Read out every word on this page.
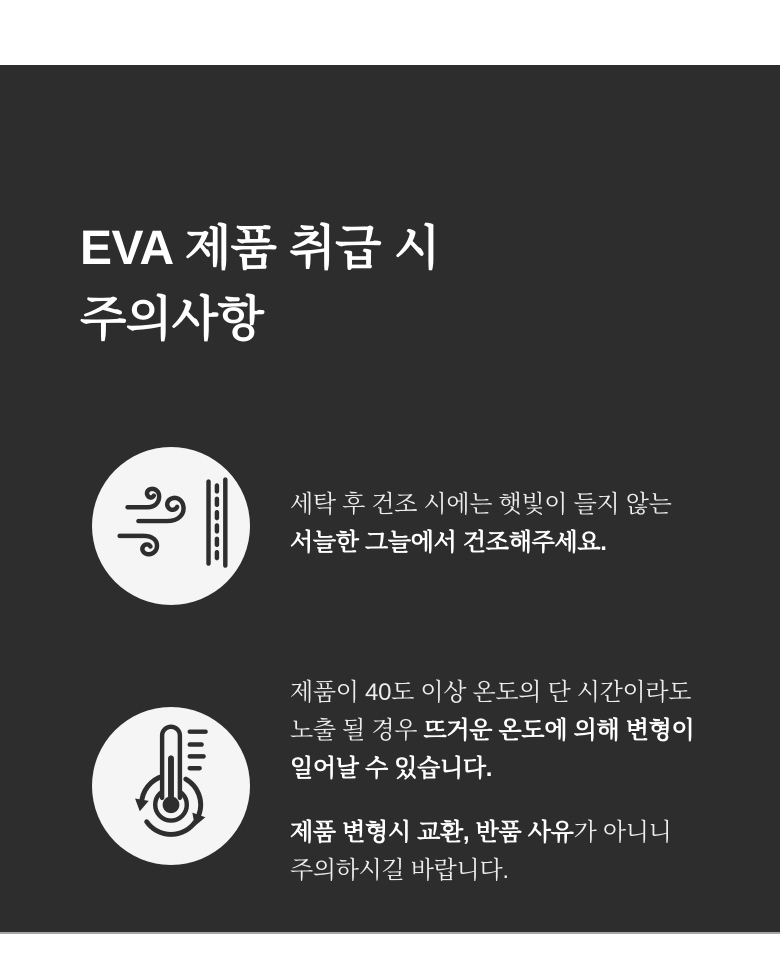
EVA 제품 취급 시
주의사항
세탁 후 건조 시에는 햇빛이 들지 않는
서늘한 그늘에서 건조해주세요.
제품이 40도 이상 온도의 단 시간이라도
노출 될 경우 뜨거운 온도에 의해 변형이
일어날 수 있습니다.
제품 변형시 교환, 반품 사유가 아니니
주의하시길 바랍니다.
